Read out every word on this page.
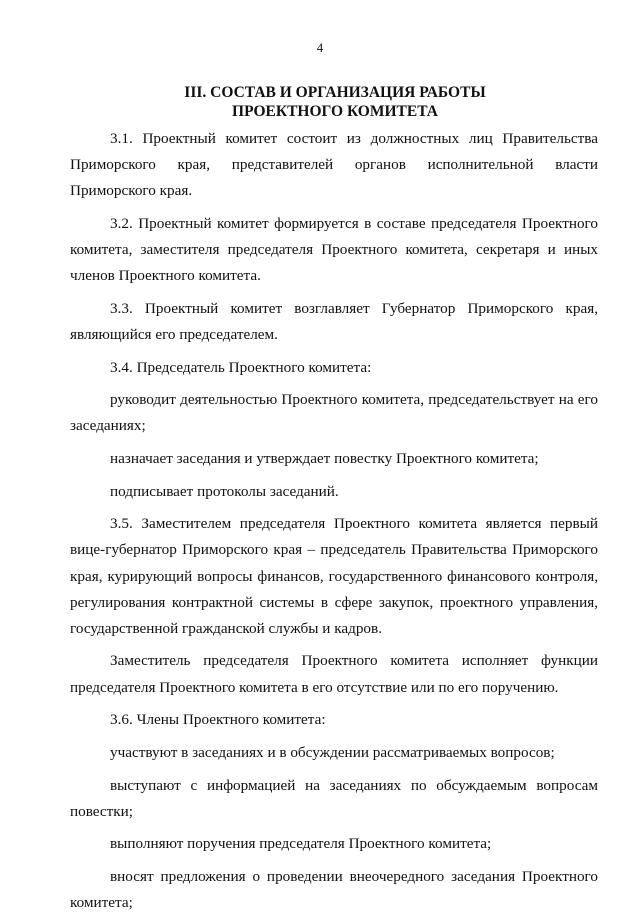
4
III. СОСТАВ И ОРГАНИЗАЦИЯ РАБОТЫ ПРОЕКТНОГО КОМИТЕТА

3.1. Проектный комитет состоит из должностных лиц Правительства Приморского края, представителей органов исполнительной власти Приморского края.

3.2. Проектный комитет формируется в составе председателя Проектного комитета, заместителя председателя Проектного комитета, секретаря и иных членов Проектного комитета.

3.3. Проектный комитет возглавляет Губернатор Приморского края, являющийся его председателем.

3.4. Председатель Проектного комитета:

руководит деятельностью Проектного комитета, председательствует на его заседаниях;

назначает заседания и утверждает повестку Проектного комитета;

подписывает протоколы заседаний.

3.5. Заместителем председателя Проектного комитета является первый вице-губернатор Приморского края – председатель Правительства Приморского края, курирующий вопросы финансов, государственного финансового контроля, регулирования контрактной системы в сфере закупок, проектного управления, государственной гражданской службы и кадров.

Заместитель председателя Проектного комитета исполняет функции председателя Проектного комитета в его отсутствие или по его поручению.

3.6. Члены Проектного комитета:

участвуют в заседаниях и в обсуждении рассматриваемых вопросов;

выступают с информацией на заседаниях по обсуждаемым вопросам повестки;

выполняют поручения председателя Проектного комитета;

вносят предложения о проведении внеочередного заседания Проектного комитета;
